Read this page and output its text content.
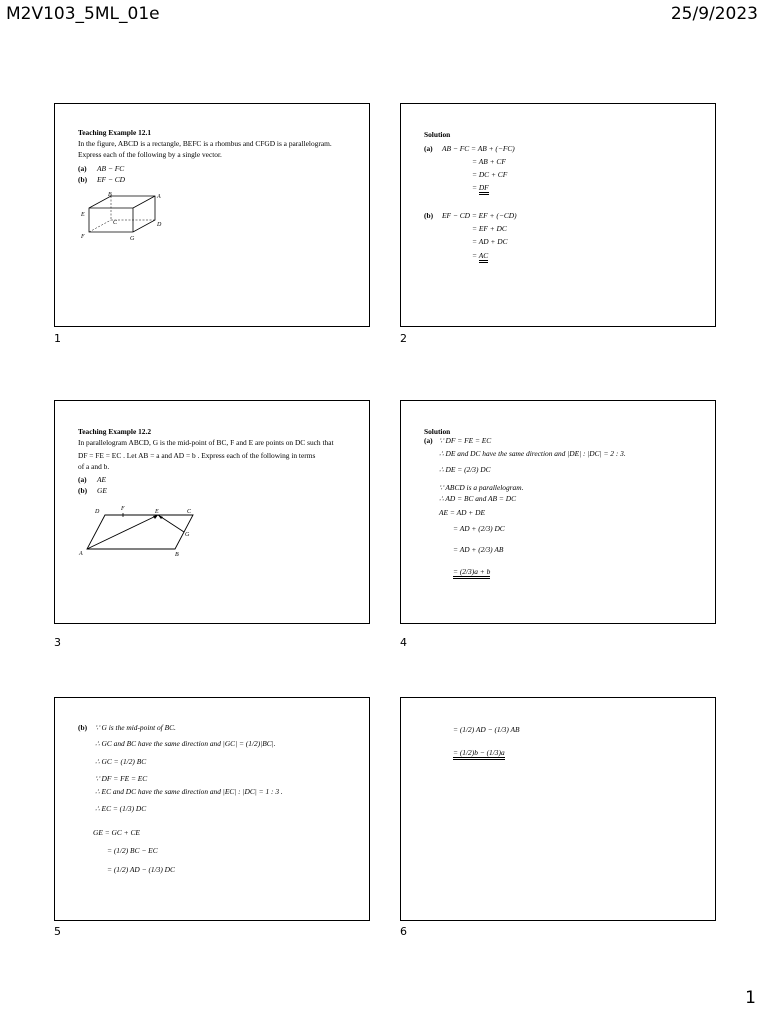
M2V103_5ML_01e	25/9/2023
Teaching Example 12.1
In the figure, ABCD is a rectangle, BEFC is a rhombus and CFGD is a parallelogram.
Express each of the following by a single vector.
(a) AB − FC
(b) EF − CD
B	A
E
C	D
F	G
1
Solution
(a) AB − FC = AB + (−FC)
= AB + CF
= DC + CF
= DF
(b) EF − CD = EF + (−CD)
= EF + DC
= AD + DC
= AC
2
Teaching Example 12.2
In parallelogram ABCD, G is the mid-point of BC, F and E are points on DC such that
DF = FE = EC . Let AB = a and AD = b . Express each of the following in terms
of a and b.
(a) AE
(b) GE
D	F	E	C
G
A	B
3
Solution
(a) ∵ DF = FE = EC
∴ DE and DC have the same direction and |DE| : |DC| = 2 : 3.
∴ DE = (2/3) DC
∵ ABCD is a parallelogram.
∴ AD = BC and AB = DC
AE = AD + DE
= AD + (2/3) DC
= AD + (2/3) AB
= (2/3)a + b
4
(b) ∵ G is the mid-point of BC.
∴ GC and BC have the same direction and |GC| = (1/2)|BC|.
∴ GC = (1/2) BC
∵ DF = FE = EC
∴ EC and DC have the same direction and |EC| : |DC| = 1 : 3 .
∴ EC = (1/3) DC
GE = GC + CE
= (1/2) BC − EC
= (1/2) AD − (1/3) DC
5
= (1/2) AD − (1/3) AB
= (1/2)b − (1/3)a
6
1
